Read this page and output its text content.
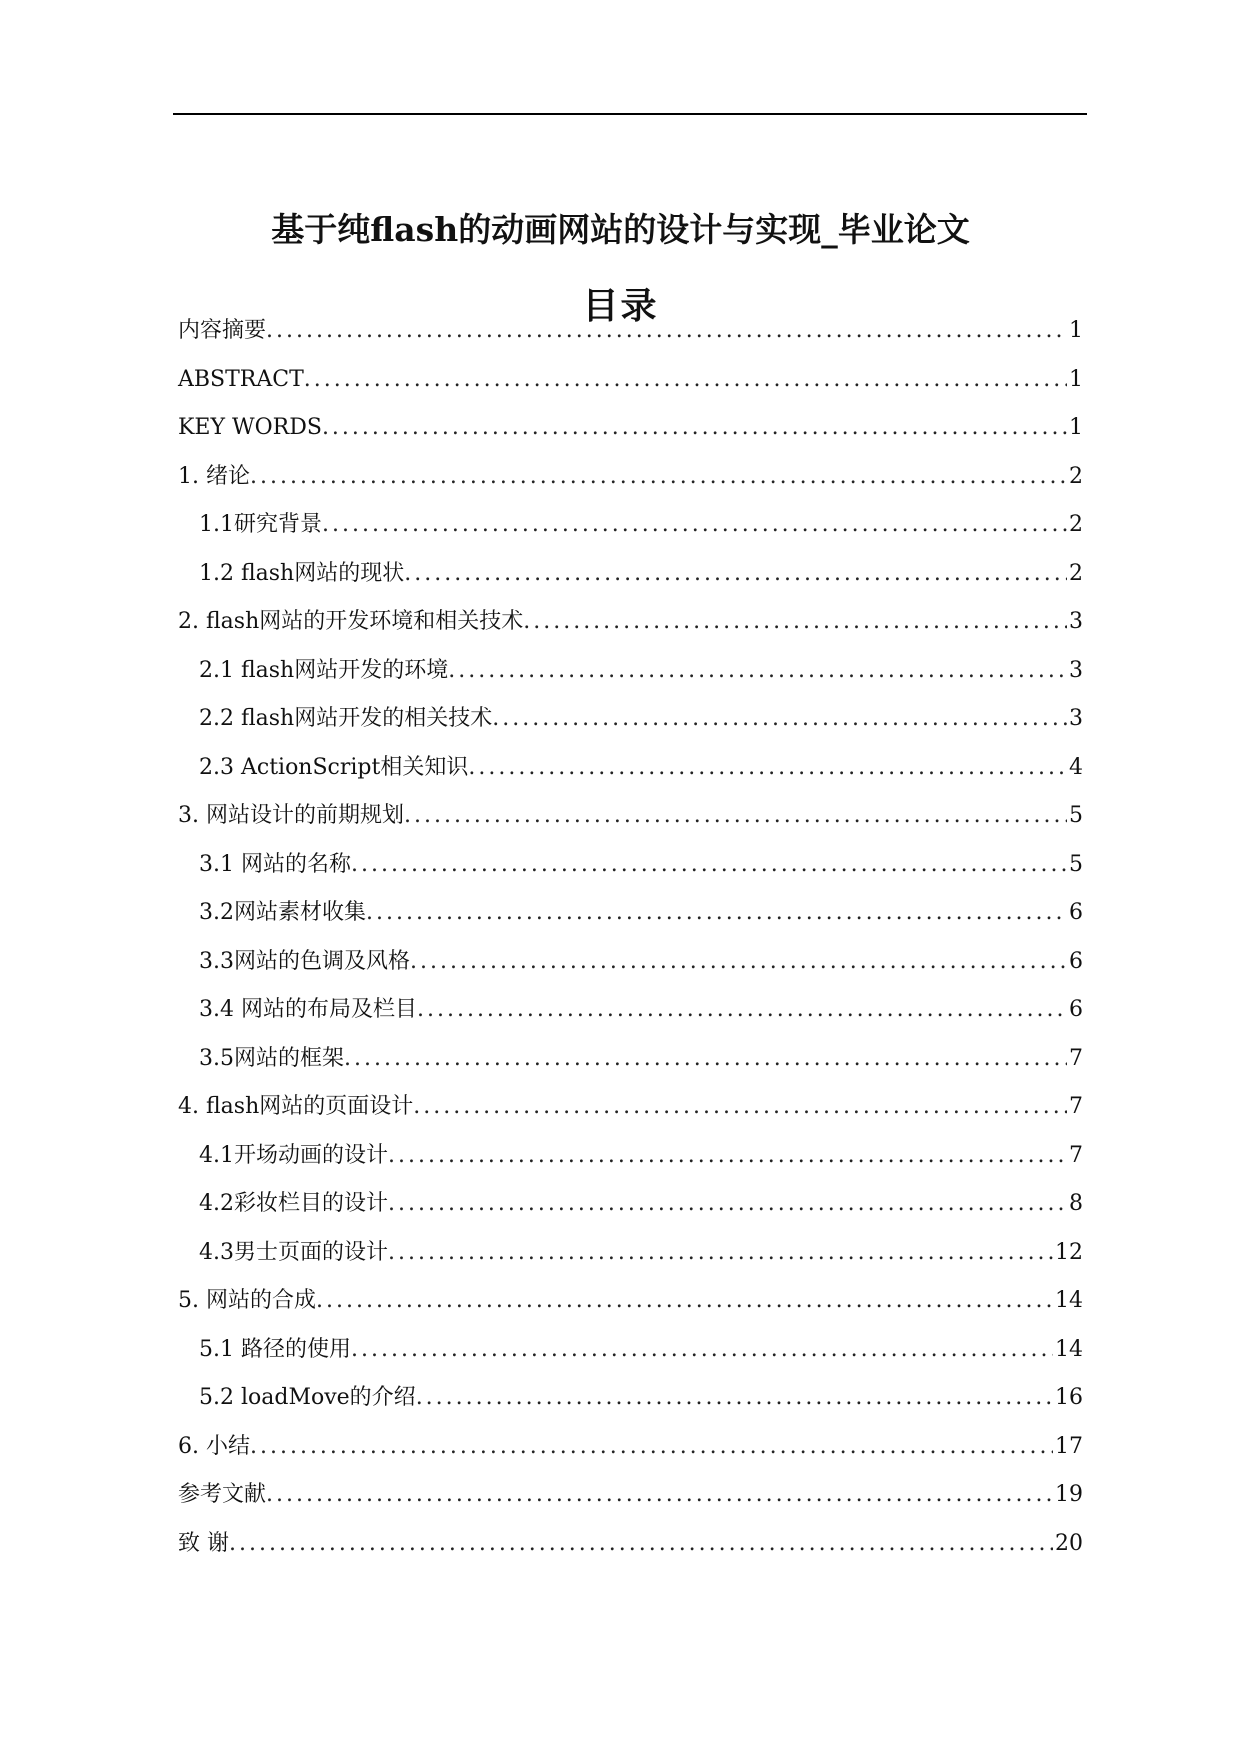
基于纯flash的动画网站的设计与实现_毕业论文
目录
内容摘要 .....	1
ABSTRACT .....	1
KEY WORDS .....	1
1. 绪论 .....	2
1.1研究背景 .....	2
1.2 flash网站的现状 .....	2
2. flash网站的开发环境和相关技术 .....	3
2.1 flash网站开发的环境 .....	3
2.2 flash网站开发的相关技术 .....	3
2.3 ActionScript相关知识 .....	4
3. 网站设计的前期规划 .....	5
3.1 网站的名称 .....	5
3.2网站素材收集 .....	6
3.3网站的色调及风格 .....	6
3.4 网站的布局及栏目 .....	6
3.5网站的框架 .....	7
4. flash网站的页面设计 .....	7
4.1开场动画的设计 .....	7
4.2彩妆栏目的设计 .....	8
4.3男士页面的设计 .....	12
5. 网站的合成 .....	14
5.1 路径的使用 .....	14
5.2 loadMove的介绍 .....	16
6. 小结 .....	17
参考文献 .....	19
致 谢 .....	20
